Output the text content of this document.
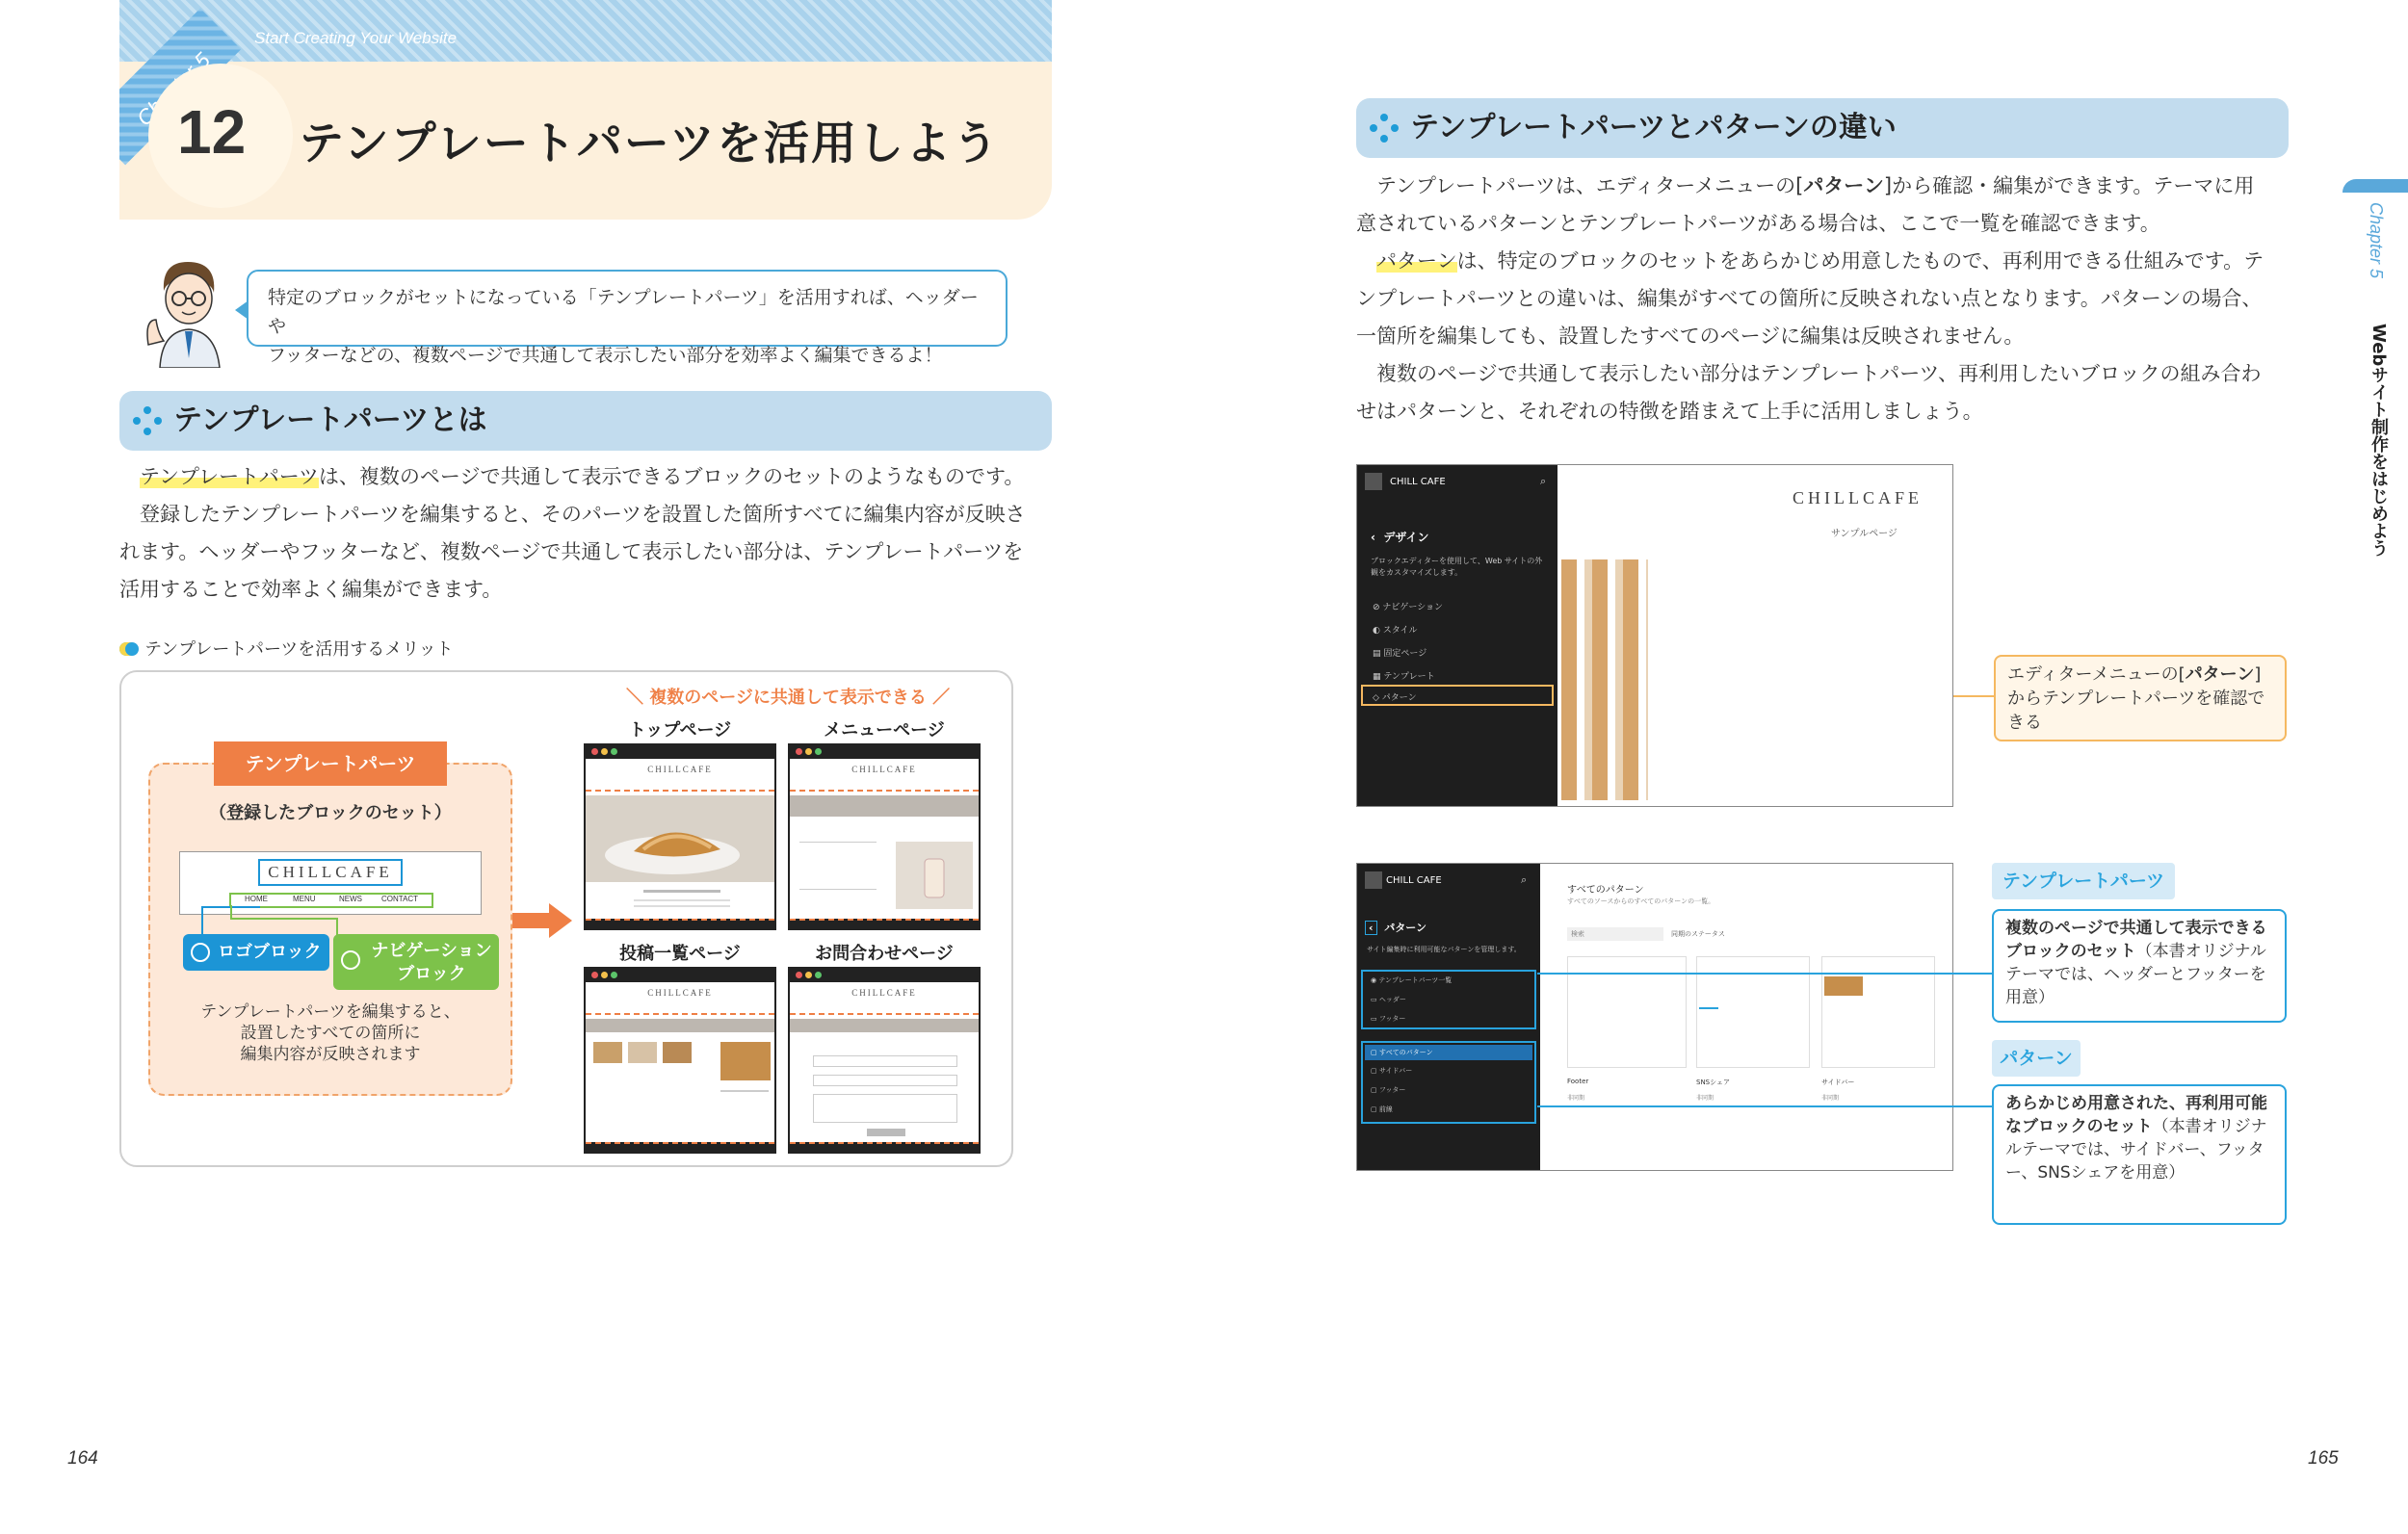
Start Creating Your Website
5
12 テンプレートパーツを活用しよう
特定のブロックがセットになっている「テンプレートパーツ」を活用すれば、ヘッダーや
フッターなどの、複数ページで共通して表示したい部分を効率よく編集できるよ！
テンプレートパーツとは
テンプレートパーツは、複数のページで共通して表示できるブロックのセットのようなものです。
登録したテンプレートパーツを編集すると、そのパーツを設置した箇所すべてに編集内容が反映さ
れます。ヘッダーやフッターなど、複数ページで共通して表示したい部分は、テンプレートパーツを
活用することで効率よく編集ができます。
テンプレートパーツを活用するメリット
テンプレートパーツ
（登録したブロックのセット）
CHILLCAFE
HOME	MENU	NEWS	CONTACT
ロゴブロック	ナビゲーション ブロック
テンプレートパーツを編集すると、
設置したすべての箇所に
編集内容が反映されます
＼ 複数のページに共通して表示できる ／
トップページ	メニューページ
投稿一覧ページ	お問合わせページ
CHILLCAFE	CHILLCAFE
CHILLCAFE	CHILLCAFE
164
テンプレートパーツとパターンの違い
テンプレートパーツは、エディターメニューの[パターン]から確認・編集ができます。テーマに用
意されているパターンとテンプレートパーツがある場合は、ここで一覧を確認できます。
パターンは、特定のブロックのセットをあらかじめ用意したもので、再利用できる仕組みです。テ
ンプレートパーツとの違いは、編集がすべての箇所に反映されない点となります。パターンの場合、
一箇所を編集しても、設置したすべてのページに編集は反映されません。
複数のページで共通して表示したい部分はテンプレートパーツ、再利用したいブロックの組み合わ
せはパターンと、それぞれの特徴を踏まえて上手に活用しましょう。
Chapter 5
Webサイト制作をはじめよう
CHILL CAFE	⌕
‹  デザイン
ブロックエディターを使用して、Web サイトの外観をカスタマイズします。
⊘ ナビゲーション
◐ スタイル
▤ 固定ページ
▦ テンプレート
◇ パターン
CHILLCAFE
サンプルページ
エディターメニューの[パターン]からテンプレートパーツを確認できる
CHILL CAFE	⌕
‹ パターン
サイト編集時に利用可能なパターンを管理します。
◉ テンプレートパーツ一覧
▭ ヘッダー
▭ フッター
▢ すべてのパターン
▢ サイドバー
▢ フッター
▢ 前線
すべてのパターン
すべてのソースからのすべてのパターンの一覧。
検索	同期のステータス
Footer	SNSシェア	サイドバー
非同期	非同期	非同期
テンプレートパーツ
複数のページで共通して表示できるブロックのセット（本書オリジナルテーマでは、ヘッダーとフッターを用意）
パターン
あらかじめ用意された、再利用可能なブロックのセット（本書オリジナルテーマでは、サイドバー、フッター、SNSシェアを用意）
165
